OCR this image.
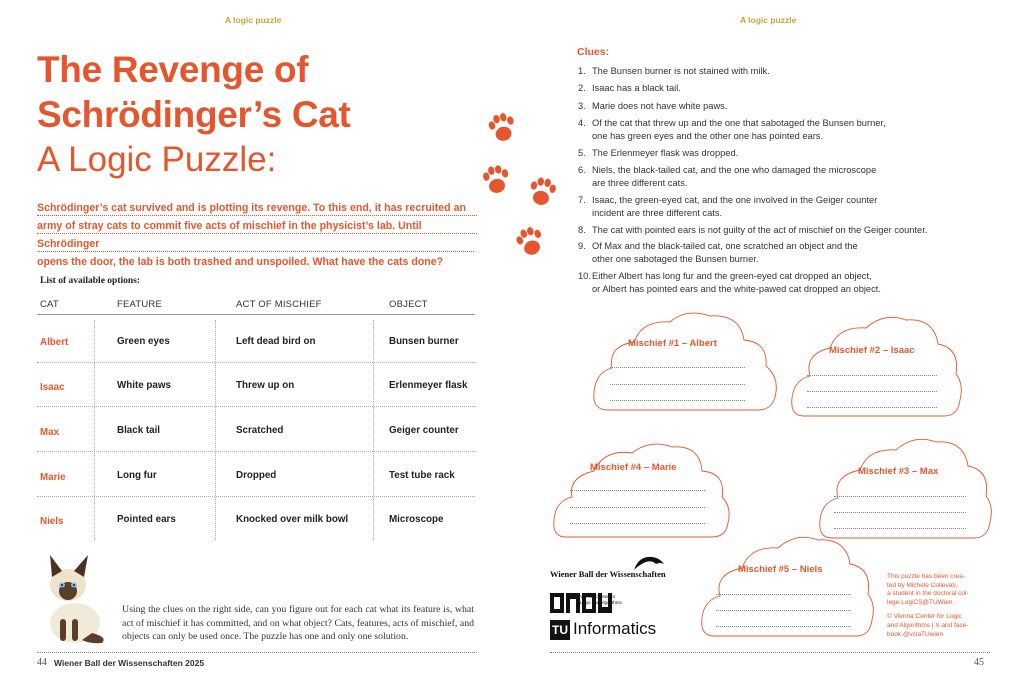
A logic puzzle
The Revenge of
Schrödinger’s Cat
A Logic Puzzle:
Schrödinger’s cat survived and is plotting its revenge. To this end, it has recruited an
army of stray cats to commit five acts of mischief in the physicist’s lab. Until Schrödinger
opens the door, the lab is both trashed and unspoiled. What have the cats done?
List of available options:
CAT	FEATURE	ACT OF MISCHIEF	OBJECT
Albert	Green eyes	Left dead bird on	Bunsen burner
Isaac	White paws	Threw up on	Erlenmeyer flask
Max	Black tail	Scratched	Geiger counter
Marie	Long fur	Dropped	Test tube rack
Niels	Pointed ears	Knocked over milk bowl	Microscope
Using the clues on the right side, can you figure out for each cat what its feature is, what act of mischief it has committed, and on what object? Cats, features, acts of mischief, and objects can only be used once. The puzzle has one and only one solution.
44 Wiener Ball der Wissenschaften 2025
A logic puzzle
Clues:
1. The Bunsen burner is not stained with milk.
2. Isaac has a black tail.
3. Marie does not have white paws.
4. Of the cat that threw up and the one that sabotaged the Bunsen burner,
one has green eyes and the other one has pointed ears.
5. The Erlenmeyer flask was dropped.
6. Niels, the black-tailed cat, and the one who damaged the microscope
are three different cats.
7. Isaac, the green-eyed cat, and the one involved in the Geiger counter
incident are three different cats.
8. The cat with pointed ears is not guilty of the act of mischief on the Geiger counter.
9. Of Max and the black-tailed cat, one scratched an object and the
other one sabotaged the Bunsen burner.
10. Either Albert has long fur and the green-eyed cat dropped an object,
or Albert has pointed ears and the white-pawed cat dropped an object.
Mischief #1 – Albert
Mischief #2 – Isaac
Mischief #4 – Marie	Mischief #3 – Max
Mischief #5 – Niels
Wiener Ball der Wissenschaften
Vienna Center for Logic and Algorithms
TU Informatics
This puzzle has been crea-
ted by Michele Collevati,
a student in the doctoral col-
lege LogiCS@TUWien.
© Vienna Center for Logic
and Algorithms | X and face-
book @vclaTUwien
45
